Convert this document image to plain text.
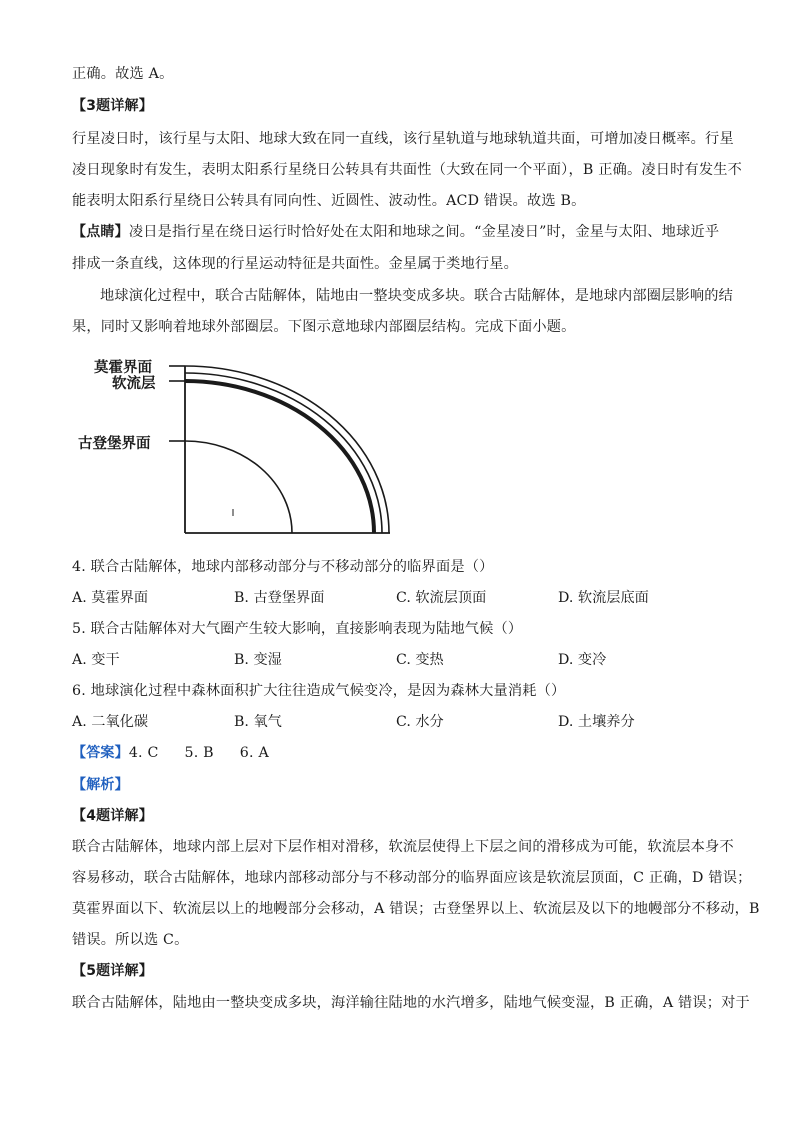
正确。故选 A。
【3题详解】
行星凌日时，该行星与太阳、地球大致在同一直线，该行星轨道与地球轨道共面，可增加凌日概率。行星
凌日现象时有发生，表明太阳系行星绕日公转具有共面性（大致在同一个平面），B 正确。凌日时有发生不
能表明太阳系行星绕日公转具有同向性、近圆性、波动性。ACD 错误。故选 B。
【点睛】凌日是指行星在绕日运行时恰好处在太阳和地球之间。“金星凌日”时，金星与太阳、地球近乎
排成一条直线，这体现的行星运动特征是共面性。金星属于类地行星。
地球演化过程中，联合古陆解体，陆地由一整块变成多块。联合古陆解体，是地球内部圈层影响的结
果，同时又影响着地球外部圈层。下图示意地球内部圈层结构。完成下面小题。
莫霍界面
软流层
古登堡界面
4. 联合古陆解体，地球内部移动部分与不移动部分的临界面是（）
A. 莫霍界面	B. 古登堡界面	C. 软流层顶面	D. 软流层底面
5. 联合古陆解体对大气圈产生较大影响，直接影响表现为陆地气候（）
A. 变干	B. 变湿	C. 变热	D. 变冷
6. 地球演化过程中森林面积扩大往往造成气候变冷，是因为森林大量消耗（）
A. 二氧化碳	B. 氧气	C. 水分	D. 土壤养分
【答案】4. C 5. B 6. A
【解析】
【4题详解】
联合古陆解体，地球内部上层对下层作相对滑移，软流层使得上下层之间的滑移成为可能，软流层本身不
容易移动，联合古陆解体，地球内部移动部分与不移动部分的临界面应该是软流层顶面，C 正确，D 错误；
莫霍界面以下、软流层以上的地幔部分会移动，A 错误；古登堡界以上、软流层及以下的地幔部分不移动，B
错误。所以选 C。
【5题详解】
联合古陆解体，陆地由一整块变成多块，海洋输往陆地的水汽增多，陆地气候变湿，B 正确，A 错误；对于
